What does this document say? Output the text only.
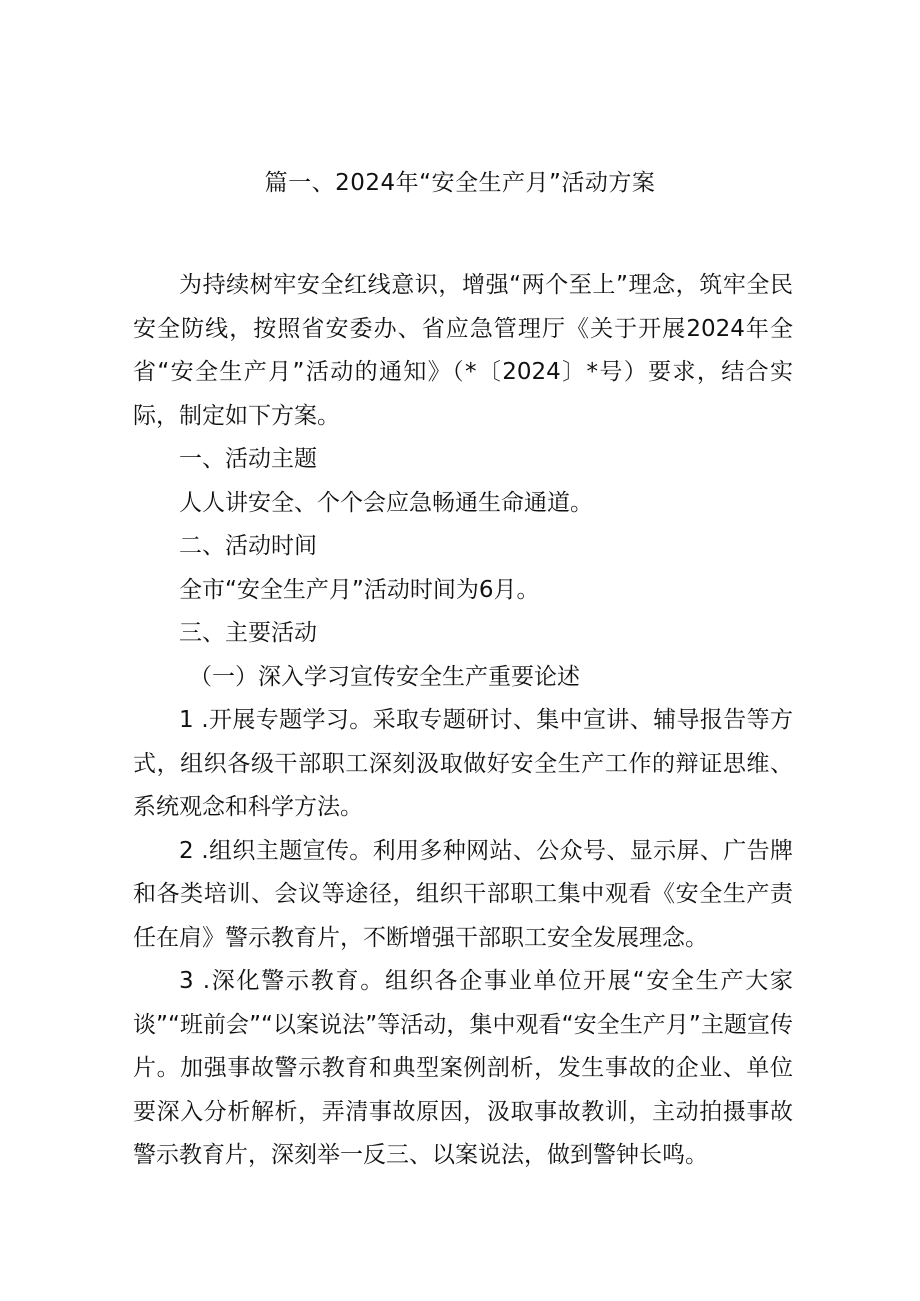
篇一、2024年“安全生产月”活动方案

为持续树牢安全红线意识，增强“两个至上”理念，筑牢全民安全防线，按照省安委办、省应急管理厅《关于开展2024年全省“安全生产月”活动的通知》（*〔2024〕*号）要求，结合实际，制定如下方案。

一、活动主题

人人讲安全、个个会应急畅通生命通道。

二、活动时间

全市“安全生产月”活动时间为6月。

三、主要活动

（一）深入学习宣传安全生产重要论述

1 .开展专题学习。采取专题研讨、集中宣讲、辅导报告等方式，组织各级干部职工深刻汲取做好安全生产工作的辩证思维、系统观念和科学方法。

2 .组织主题宣传。利用多种网站、公众号、显示屏、广告牌和各类培训、会议等途径，组织干部职工集中观看《安全生产责任在肩》警示教育片，不断增强干部职工安全发展理念。

3 .深化警示教育。组织各企事业单位开展“安全生产大家谈”“班前会”“以案说法”等活动，集中观看“安全生产月”主题宣传片。加强事故警示教育和典型案例剖析，发生事故的企业、单位要深入分析解析，弄清事故原因，汲取事故教训，主动拍摄事故警示教育片，深刻举一反三、以案说法，做到警钟长鸣。
